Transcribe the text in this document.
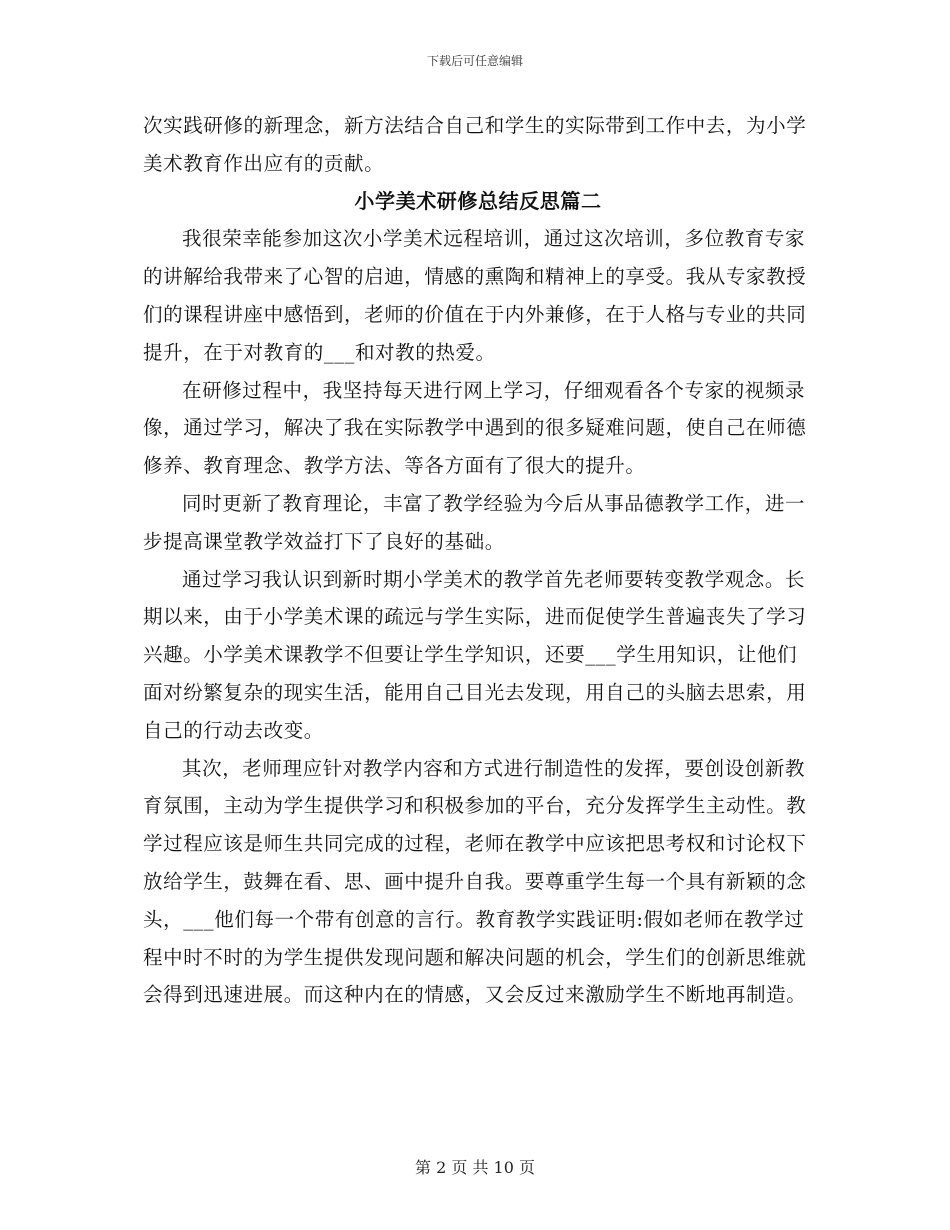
下载后可任意编辑

次实践研修的新理念，新方法结合自己和学生的实际带到工作中去，为小学美术教育作出应有的贡献。

小学美术研修总结反思篇二

我很荣幸能参加这次小学美术远程培训，通过这次培训，多位教育专家的讲解给我带来了心智的启迪，情感的熏陶和精神上的享受。我从专家教授们的课程讲座中感悟到，老师的价值在于内外兼修，在于人格与专业的共同提升，在于对教育的___和对教的热爱。

在研修过程中，我坚持每天进行网上学习，仔细观看各个专家的视频录像，通过学习，解决了我在实际教学中遇到的很多疑难问题，使自己在师德修养、教育理念、教学方法、等各方面有了很大的提升。

同时更新了教育理论，丰富了教学经验为今后从事品德教学工作，进一步提高课堂教学效益打下了良好的基础。

通过学习我认识到新时期小学美术的教学首先老师要转变教学观念。长期以来，由于小学美术课的疏远与学生实际，进而促使学生普遍丧失了学习兴趣。小学美术课教学不但要让学生学知识，还要___学生用知识，让他们面对纷繁复杂的现实生活，能用自己目光去发现，用自己的头脑去思索，用自己的行动去改变。

其次，老师理应针对教学内容和方式进行制造性的发挥，要创设创新教育氛围，主动为学生提供学习和积极参加的平台，充分发挥学生主动性。教学过程应该是师生共同完成的过程，老师在教学中应该把思考权和讨论权下放给学生，鼓舞在看、思、画中提升自我。要尊重学生每一个具有新颖的念头，___他们每一个带有创意的言行。教育教学实践证明:假如老师在教学过程中时不时的为学生提供发现问题和解决问题的机会，学生们的创新思维就会得到迅速进展。而这种内在的情感，又会反过来激励学生不断地再制造。

第 2 页 共 10 页
